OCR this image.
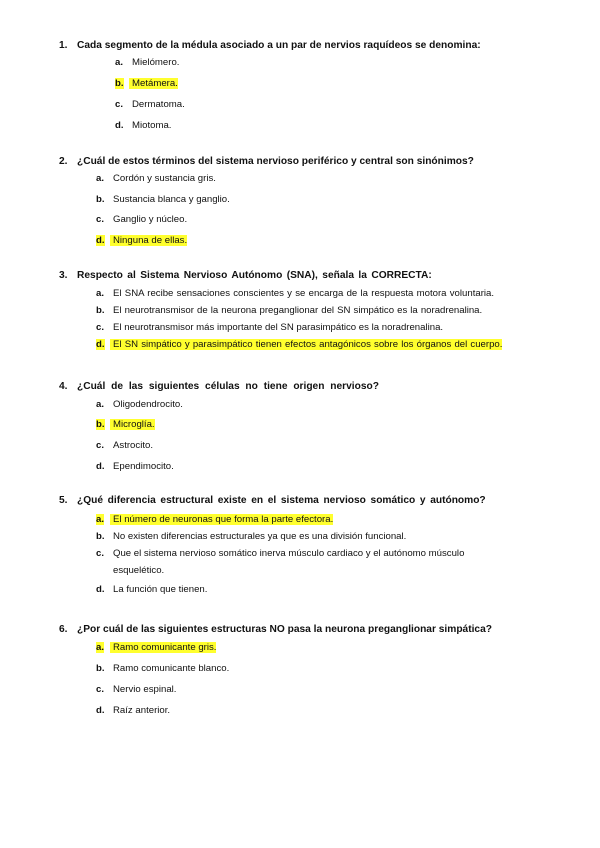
1. Cada segmento de la médula asociado a un par de nervios raquídeos se denomina:
a. Mielómero.
b. Metámera.
c. Dermatoma.
d. Miotoma.
2. ¿Cuál de estos términos del sistema nervioso periférico y central son sinónimos?
a. Cordón y sustancia gris.
b. Sustancia blanca y ganglio.
c. Ganglio y núcleo.
d. Ninguna de ellas.
3. Respecto al Sistema Nervioso Autónomo (SNA), señala la CORRECTA:
a. El SNA recibe sensaciones conscientes y se encarga de la respuesta motora voluntaria.
b. El neurotransmisor de la neurona preganglionar del SN simpático es la noradrenalina.
c. El neurotransmisor más importante del SN parasimpático es la noradrenalina.
d. El SN simpático y parasimpático tienen efectos antagónicos sobre los órganos del cuerpo.
4. ¿Cuál de las siguientes células no tiene origen nervioso?
a. Oligodendrocito.
b. Microglía.
c. Astrocito.
d. Ependimocito.
5. ¿Qué diferencia estructural existe en el sistema nervioso somático y autónomo?
a. El número de neuronas que forma la parte efectora.
b. No existen diferencias estructurales ya que es una división funcional.
c. Que el sistema nervioso somático inerva músculo cardiaco y el autónomo músculo
esquelético.
d. La función que tienen.
6. ¿Por cuál de las siguientes estructuras NO pasa la neurona preganglionar simpática?
a. Ramo comunicante gris.
b. Ramo comunicante blanco.
c. Nervio espinal.
d. Raíz anterior.
